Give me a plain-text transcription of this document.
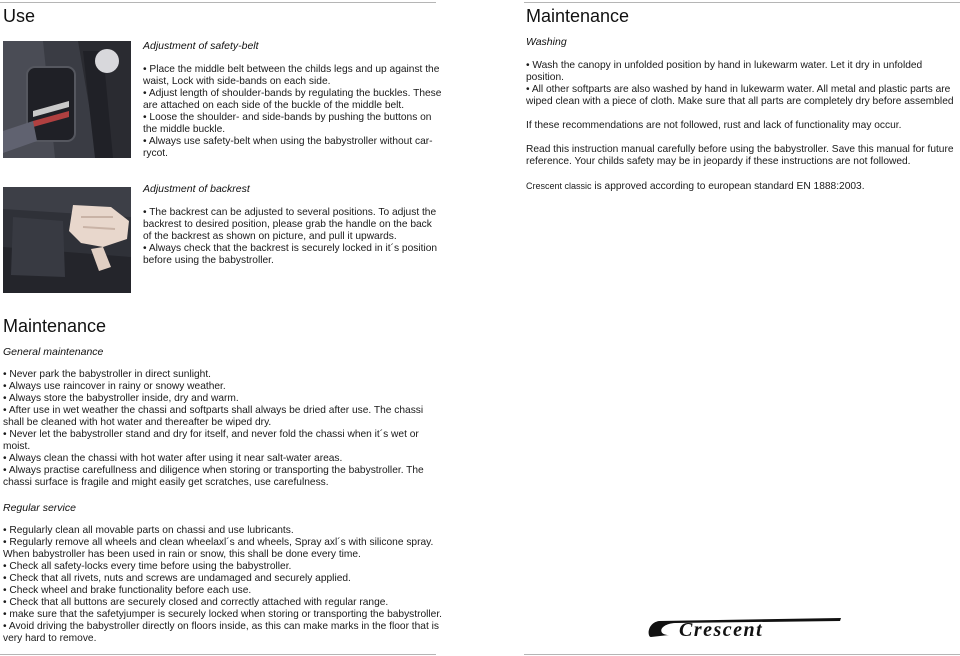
Use
Adjustment of safety-belt

• Place the middle belt between the childs legs and up against the

waist, Lock with side-bands on each side.

• Adjust length of shoulder-bands by regulating the buckles. These

are attached on each side of the buckle of the middle belt.

• Loose the shoulder- and side-bands by pushing the buttons on

the middle buckle.

• Always use safety-belt when using the babystroller without car-

rycot.

Adjustment of backrest

• The backrest can be adjusted to several positions. To adjust the

backrest to desired position, please grab the handle on the back

of the backrest as shown on picture, and pull it upwards.

• Always check that the backrest is securely locked in it´s position

before using the babystroller.

Maintenance
General maintenance

• Never park the babystroller in direct sunlight.

• Always use raincover in rainy or snowy weather.

• Always store the babystroller inside, dry and warm.

• After use in wet weather the chassi and softparts shall always be dried after use. The chassi

shall be cleaned with hot water and thereafter be wiped dry.

• Never let the babystroller stand and dry for itself, and never fold the chassi when it´s wet or

moist.

• Always clean the chassi with hot water after using it near salt-water areas.

• Always practise carefullness and diligence when storing or transporting the babystroller. The

chassi surface is fragile and might easily get scratches, use carefulness.

Regular service

• Regularly clean all movable parts on chassi and use lubricants.

• Regularly remove all wheels and clean wheelaxl´s and wheels, Spray axl´s with silicone spray.

When babystroller has been used in rain or snow, this shall be done every time.

• Check all safety-locks every time before using the babystroller.

• Check that all rivets, nuts and screws are undamaged and securely applied.

• Check wheel and brake functionality before each use.

• Check that all buttons are securely closed and correctly attached with regular range.

• make sure that the safetyjumper is securely locked when storing or transporting the babystroller.

• Avoid driving the babystroller directly on floors inside, as this can make marks in the floor that is

very hard to remove.

Maintenance
Washing

• Wash the canopy in unfolded position by hand in lukewarm water. Let it dry in unfolded position.

• All other softparts are also washed by hand in lukewarm water. All metal and plastic parts are

wiped clean with a piece of cloth. Make sure that all parts are completely dry before assembled

If these recommendations are not followed, rust and lack of functionality may occur.

Read this instruction manual carefully before using the babystroller. Save this manual for future

reference. Your childs safety may be in jeopardy if these instructions are not followed.

Crescent classic is approved according to european standard EN 1888:2003.

Crescent
